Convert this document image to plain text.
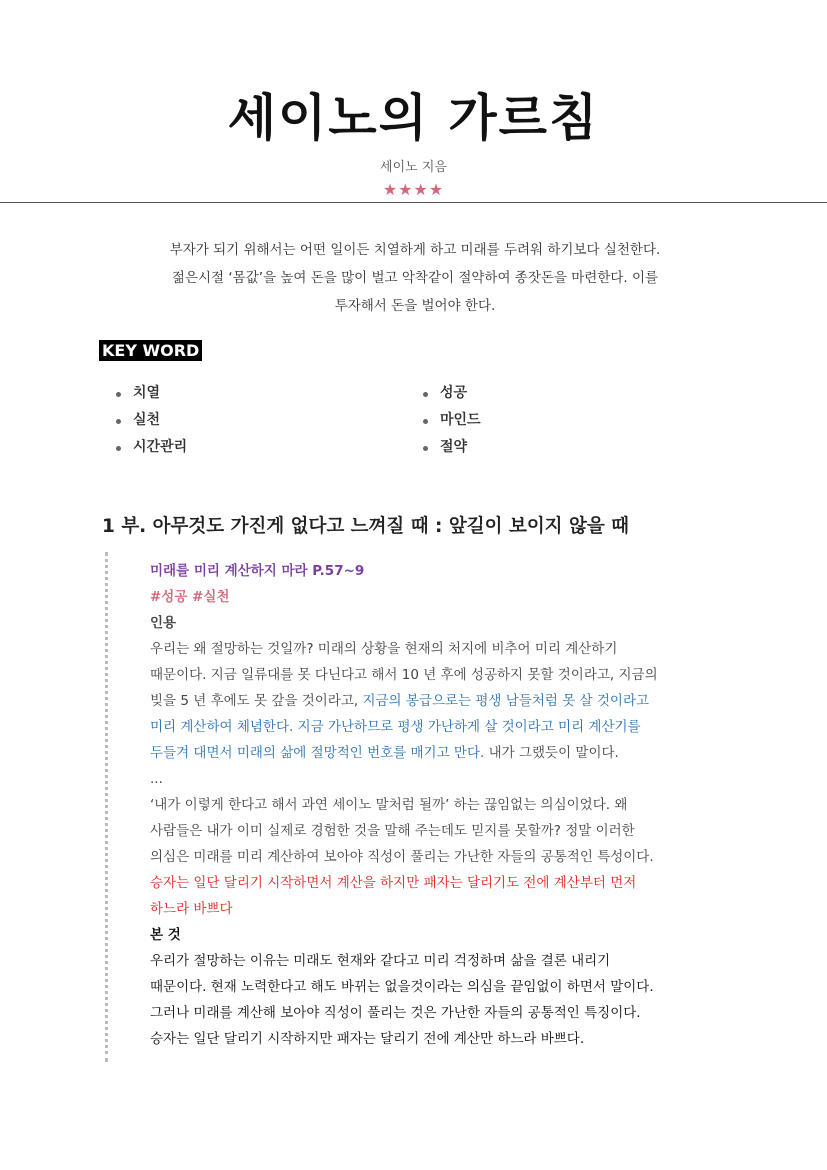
세이노의 가르침
세이노 지음
★★★★
부자가 되기 위해서는 어떤 일이든 치열하게 하고 미래를 두려워 하기보다 실천한다.
젊은시절 ‘몸값’을 높여 돈을 많이 벌고 악착같이 절약하여 종잣돈을 마련한다. 이를
투자해서 돈을 벌어야 한다.
KEY WORD
치열
실천
시간관리
성공
마인드
절약
1 부. 아무것도 가진게 없다고 느껴질 때 : 앞길이 보이지 않을 때
미래를 미리 계산하지 마라 P.57~9
#성공 #실천
인용
우리는 왜 절망하는 것일까? 미래의 상황을 현재의 처지에 비추어 미리 계산하기
때문이다. 지금 일류대를 못 다닌다고 해서 10 년 후에 성공하지 못할 것이라고, 지금의
빚을 5 년 후에도 못 갚을 것이라고, 지금의 봉급으로는 평생 남들처럼 못 살 것이라고
미리 계산하여 체념한다. 지금 가난하므로 평생 가난하게 살 것이라고 미리 계산기를
두들겨 대면서 미래의 삶에 절망적인 번호를 매기고 만다. 내가 그랬듯이 말이다.
...
‘내가 이렇게 한다고 해서 과연 세이노 말처럼 될까’ 하는 끊임없는 의심이었다. 왜
사람들은 내가 이미 실제로 경험한 것을 말해 주는데도 믿지를 못할까? 정말 이러한
의심은 미래를 미리 계산하여 보아야 직성이 풀리는 가난한 자들의 공통적인 특성이다.
승자는 일단 달리기 시작하면서 계산을 하지만 패자는 달리기도 전에 계산부터 먼저
하느라 바쁘다
본 것
우리가 절망하는 이유는 미래도 현재와 같다고 미리 걱정하며 삶을 결론 내리기
때문이다. 현재 노력한다고 해도 바뀌는 없을것이라는 의심을 끝임없이 하면서 말이다.
그러나 미래를 계산해 보아야 직성이 풀리는 것은 가난한 자들의 공통적인 특징이다.
승자는 일단 달리기 시작하지만 패자는 달리기 전에 계산만 하느라 바쁘다.
